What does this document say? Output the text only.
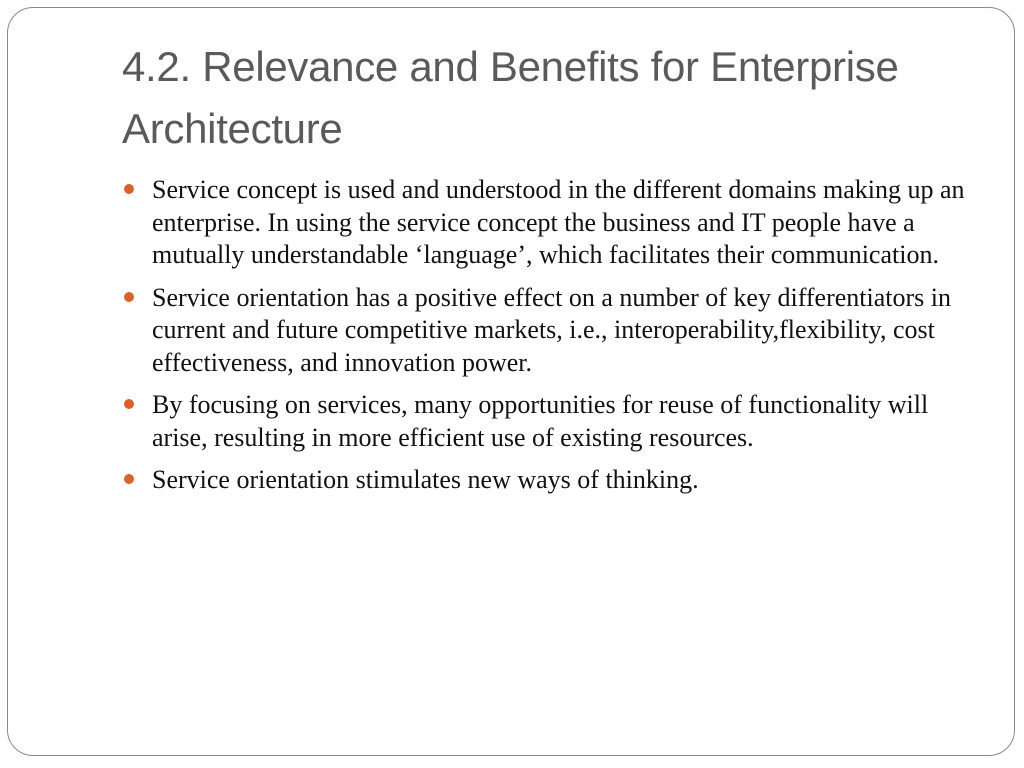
4.2. Relevance and Benefits for Enterprise Architecture
Service concept is used and understood in the different domains making up an enterprise. In using the service concept the business and IT people have a mutually understandable ‘language’, which facilitates their communication.
Service orientation has a positive effect on a number of key differentiators in current and future competitive markets, i.e., interoperability,flexibility, cost effectiveness, and innovation power.
By focusing on services, many opportunities for reuse of functionality will arise, resulting in more efficient use of existing resources.
Service orientation stimulates new ways of thinking.
